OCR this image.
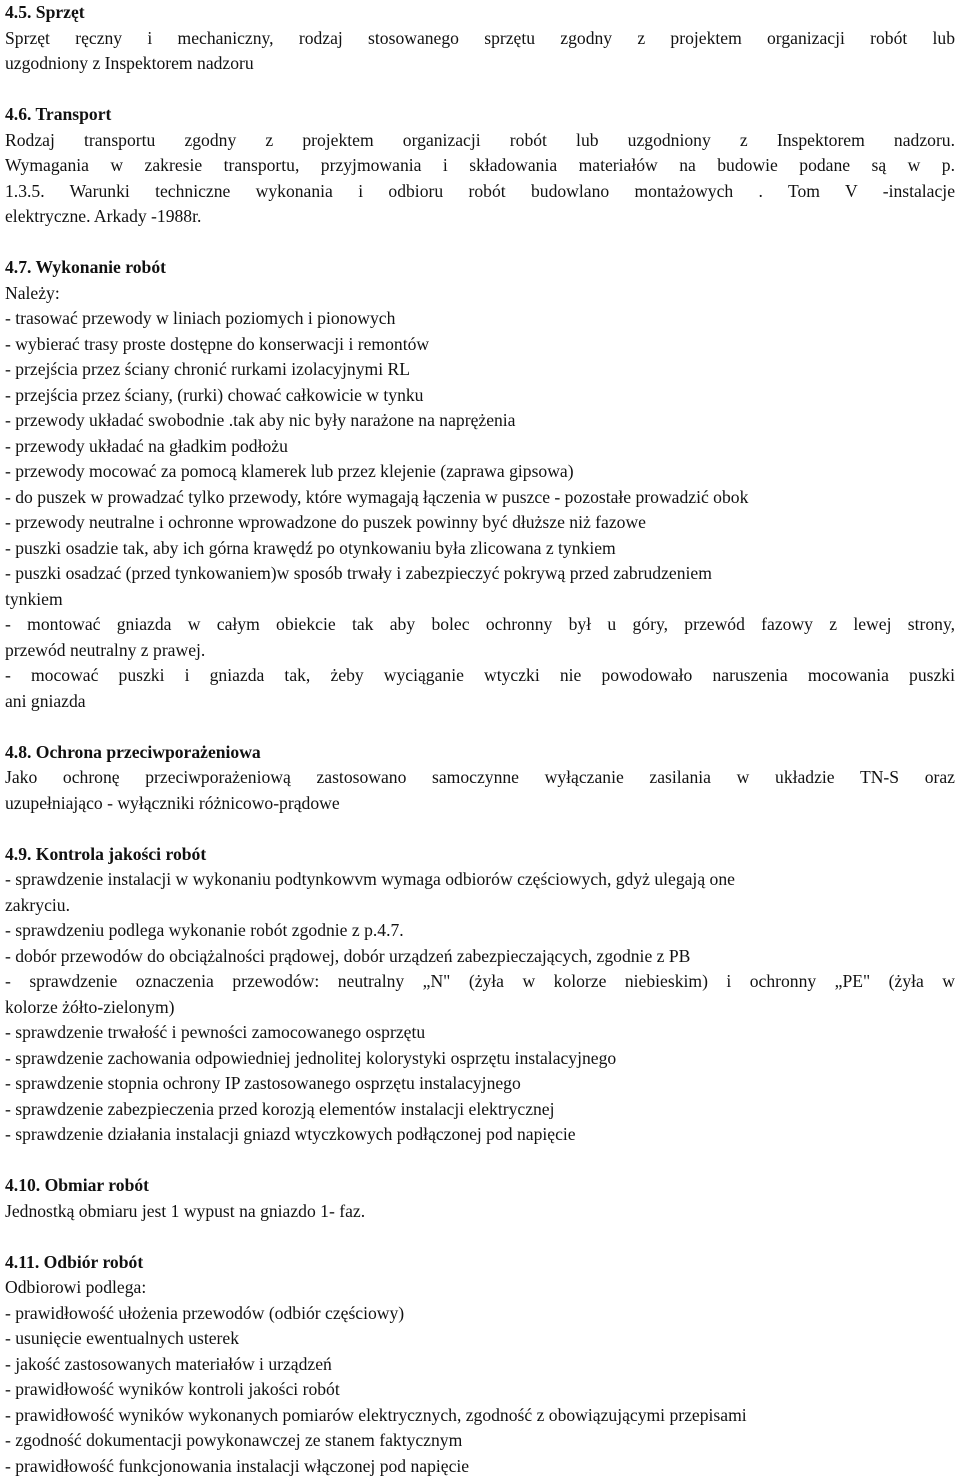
4.5. Sprzęt
Sprzęt ręczny i mechaniczny, rodzaj stosowanego sprzętu zgodny z projektem organizacji robót lub
uzgodniony z Inspektorem nadzoru
4.6. Transport
Rodzaj transportu zgodny z projektem organizacji robót lub uzgodniony z Inspektorem nadzoru.
Wymagania w zakresie transportu, przyjmowania i składowania materiałów na budowie podane są w p.
1.3.5. Warunki techniczne wykonania i odbioru robót budowlano montażowych . Tom V -instalacje
elektryczne. Arkady -1988r.
4.7. Wykonanie robót
Należy:
- trasować przewody w liniach poziomych i pionowych
- wybierać trasy proste dostępne do konserwacji i remontów
- przejścia przez ściany chronić rurkami izolacyjnymi RL
- przejścia przez ściany, (rurki) chować całkowicie w tynku
- przewody układać swobodnie .tak aby nic były narażone na naprężenia
- przewody układać na gładkim podłożu
- przewody mocować za pomocą klamerek lub przez klejenie (zaprawa gipsowa)
- do puszek w prowadzać tylko przewody, które wymagają łączenia w puszce - pozostałe prowadzić obok
- przewody neutralne i ochronne wprowadzone do puszek powinny być dłuższe niż fazowe
- puszki osadzie tak, aby ich górna krawędź po otynkowaniu była zlicowana z tynkiem
- puszki osadzać (przed tynkowaniem)w sposób trwały i zabezpieczyć pokrywą przed zabrudzeniem
tynkiem
- montować gniazda w całym obiekcie tak aby bolec ochronny był u góry, przewód fazowy z lewej strony,
przewód neutralny z prawej.
- mocować puszki i gniazda tak, żeby wyciąganie wtyczki nie powodowało naruszenia mocowania puszki
ani gniazda
4.8. Ochrona przeciwporażeniowa
Jako ochronę przeciwporażeniową zastosowano samoczynne wyłączanie zasilania w układzie TN-S oraz
uzupełniająco - wyłączniki różnicowo-prądowe
4.9. Kontrola jakości robót
- sprawdzenie instalacji w wykonaniu podtynkowvm wymaga odbiorów częściowych, gdyż ulegają one
zakryciu.
- sprawdzeniu podlega wykonanie robót zgodnie z p.4.7.
- dobór przewodów do obciążalności prądowej, dobór urządzeń zabezpieczających, zgodnie z PB
- sprawdzenie oznaczenia przewodów: neutralny „N" (żyła w kolorze niebieskim) i ochronny „PE" (żyła w
kolorze żółto-zielonym)
- sprawdzenie trwałość i pewności zamocowanego osprzętu
- sprawdzenie zachowania odpowiedniej jednolitej kolorystyki osprzętu instalacyjnego
- sprawdzenie stopnia ochrony IP zastosowanego osprzętu instalacyjnego
- sprawdzenie zabezpieczenia przed korozją elementów instalacji elektrycznej
- sprawdzenie działania instalacji gniazd wtyczkowych podłączonej pod napięcie
4.10. Obmiar robót
Jednostką obmiaru jest 1 wypust na gniazdo 1- faz.
4.11. Odbiór robót
Odbiorowi podlega:
- prawidłowość ułożenia przewodów (odbiór częściowy)
- usunięcie ewentualnych usterek
- jakość zastosowanych materiałów i urządzeń
- prawidłowość wyników kontroli jakości robót
- prawidłowość wyników wykonanych pomiarów elektrycznych, zgodność z obowiązującymi przepisami
- zgodność dokumentacji powykonawczej ze stanem faktycznym
- prawidłowość funkcjonowania instalacji włączonej pod napięcie
